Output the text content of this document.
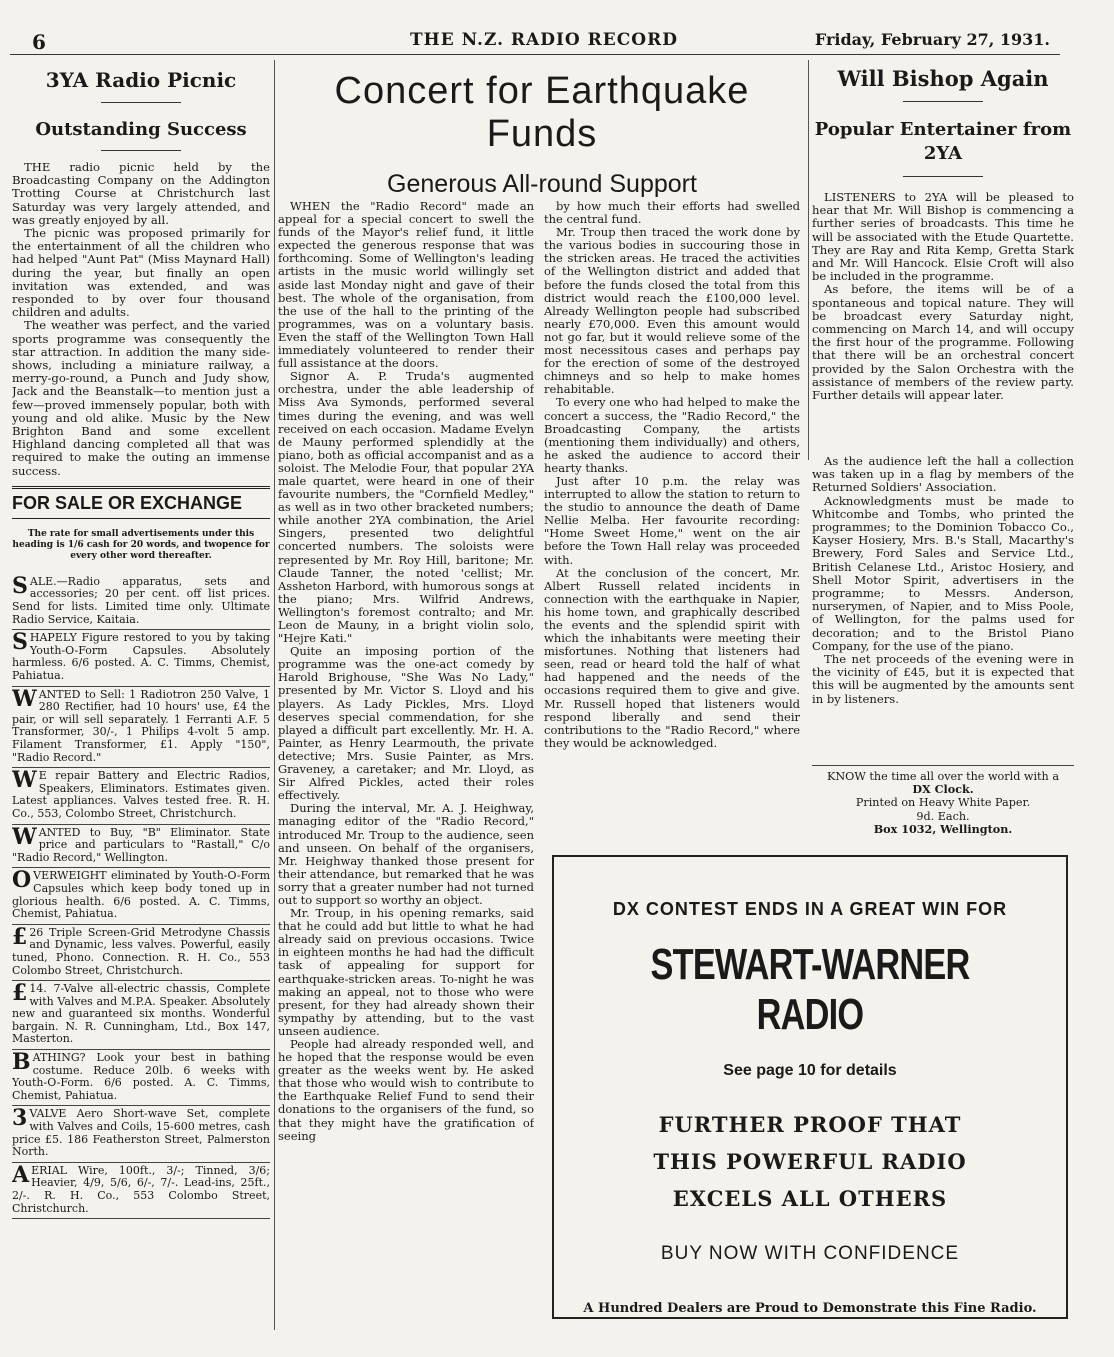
6	THE N.Z. RADIO RECORD	Friday, February 27, 1931.
3YA Radio Picnic
Outstanding Success

THE radio picnic held by the Broadcasting Company on the Addington Trotting Course at Christchurch last Saturday was very largely attended, and was greatly enjoyed by all.

The picnic was proposed primarily for the entertainment of all the children who had helped "Aunt Pat" (Miss Maynard Hall) during the year, but finally an open invitation was extended, and was responded to by over four thousand children and adults.

The weather was perfect, and the varied sports programme was consequently the star attraction. In addition the many side-shows, including a miniature railway, a merry-go-round, a Punch and Judy show, Jack and the Beanstalk—to mention just a few—proved immensely popular, both with young and old alike. Music by the New Brighton Band and some excellent Highland dancing completed all that was required to make the outing an immense success.

FOR SALE OR EXCHANGE
The rate for small advertisements under this heading is 1/6 cash for 20 words, and twopence for every other word thereafter.
SALE.—Radio apparatus, sets and accessories; 20 per cent. off list prices. Send for lists. Limited time only. Ultimate Radio Service, Kaitaia.
SHAPELY Figure restored to you by taking Youth-O-Form Capsules. Absolutely harmless. 6/6 posted. A. C. Timms, Chemist, Pahiatua.
WANTED to Sell: 1 Radiotron 250 Valve, 1 280 Rectifier, had 10 hours' use, £4 the pair, or will sell separately. 1 Ferranti A.F. 5 Transformer, 30/-, 1 Philips 4-volt 5 amp. Filament Transformer, £1. Apply "150", "Radio Record."
WE repair Battery and Electric Radios, Speakers, Eliminators. Estimates given. Latest appliances. Valves tested free. R. H. Co., 553, Colombo Street, Christchurch.
WANTED to Buy, "B" Eliminator. State price and particulars to "Rastall," C/o "Radio Record," Wellington.
OVERWEIGHT eliminated by Youth-O-Form Capsules which keep body toned up in glorious health. 6/6 posted. A. C. Timms, Chemist, Pahiatua.
£26 Triple Screen-Grid Metrodyne Chassis and Dynamic, less valves. Powerful, easily tuned, Phono. Connection. R. H. Co., 553 Colombo Street, Christchurch.
£14. 7-Valve all-electric chassis, Complete with Valves and M.P.A. Speaker. Absolutely new and guaranteed six months. Wonderful bargain. N. R. Cunningham, Ltd., Box 147, Masterton.
BATHING? Look your best in bathing costume. Reduce 20lb. 6 weeks with Youth-O-Form. 6/6 posted. A. C. Timms, Chemist, Pahiatua.
3VALVE Aero Short-wave Set, complete with Valves and Coils, 15-600 metres, cash price £5. 186 Featherston Street, Palmerston North.
AERIAL Wire, 100ft., 3/-; Tinned, 3/6; Heavier, 4/9, 5/6, 6/-, 7/-. Lead-ins, 25ft., 2/-. R. H. Co., 553 Colombo Street, Christchurch.
Concert for Earthquake Funds
Generous All-round Support

WHEN the "Radio Record" made an appeal for a special concert to swell the funds of the Mayor's relief fund, it little expected the generous response that was forthcoming. Some of Wellington's leading artists in the music world willingly set aside last Monday night and gave of their best. The whole of the organisation, from the use of the hall to the printing of the programmes, was on a voluntary basis. Even the staff of the Wellington Town Hall immediately volunteered to render their full assistance at the doors.

Signor A. P. Truda's augmented orchestra, under the able leadership of Miss Ava Symonds, performed several times during the evening, and was well received on each occasion. Madame Evelyn de Mauny performed splendidly at the piano, both as official accompanist and as a soloist. The Melodie Four, that popular 2YA male quartet, were heard in one of their favourite numbers, the "Cornfield Medley," as well as in two other bracketed numbers; while another 2YA combination, the Ariel Singers, presented two delightful concerted numbers. The soloists were represented by Mr. Roy Hill, baritone; Mr. Claude Tanner, the noted 'cellist; Mr. Assheton Harbord, with humorous songs at the piano; Mrs. Wilfrid Andrews, Wellington's foremost contralto; and Mr. Leon de Mauny, in a bright violin solo, "Hejre Kati."

Quite an imposing portion of the programme was the one-act comedy by Harold Brighouse, "She Was No Lady," presented by Mr. Victor S. Lloyd and his players. As Lady Pickles, Mrs. Lloyd deserves special commendation, for she played a difficult part excellently. Mr. H. A. Painter, as Henry Learmouth, the private detective; Mrs. Susie Painter, as Mrs. Graveney, a caretaker; and Mr. Lloyd, as Sir Alfred Pickles, acted their roles effectively.

During the interval, Mr. A. J. Heighway, managing editor of the "Radio Record," introduced Mr. Troup to the audience, seen and unseen. On behalf of the organisers, Mr. Heighway thanked those present for their attendance, but remarked that he was sorry that a greater number had not turned out to support so worthy an object.

Mr. Troup, in his opening remarks, said that he could add but little to what he had already said on previous occasions. Twice in eighteen months he had had the difficult task of appealing for support for earthquake-stricken areas. To-night he was making an appeal, not to those who were present, for they had already shown their sympathy by attending, but to the vast unseen audience.

People had already responded well, and he hoped that the response would be even greater as the weeks went by. He asked that those who would wish to contribute to the Earthquake Relief Fund to send their donations to the organisers of the fund, so that they might have the gratification of seeing

by how much their efforts had swelled the central fund.

Mr. Troup then traced the work done by the various bodies in succouring those in the stricken areas. He traced the activities of the Wellington district and added that before the funds closed the total from this district would reach the £100,000 level. Already Wellington people had subscribed nearly £70,000. Even this amount would not go far, but it would relieve some of the most necessitous cases and perhaps pay for the erection of some of the destroyed chimneys and so help to make homes rehabitable.

To every one who had helped to make the concert a success, the "Radio Record," the Broadcasting Company, the artists (mentioning them individually) and others, he asked the audience to accord their hearty thanks.

Just after 10 p.m. the relay was interrupted to allow the station to return to the studio to announce the death of Dame Nellie Melba. Her favourite recording: "Home Sweet Home," went on the air before the Town Hall relay was proceeded with.

At the conclusion of the concert, Mr. Albert Russell related incidents in connection with the earthquake in Napier, his home town, and graphically described the events and the splendid spirit with which the inhabitants were meeting their misfortunes. Nothing that listeners had seen, read or heard told the half of what had happened and the needs of the occasions required them to give and give. Mr. Russell hoped that listeners would respond liberally and send their contributions to the "Radio Record," where they would be acknowledged.

Will Bishop Again
Popular Entertainer from 2YA

LISTENERS to 2YA will be pleased to hear that Mr. Will Bishop is commencing a further series of broadcasts. This time he will be associated with the Etude Quartette. They are Ray and Rita Kemp, Gretta Stark and Mr. Will Hancock. Elsie Croft will also be included in the programme.

As before, the items will be of a spontaneous and topical nature. They will be broadcast every Saturday night, commencing on March 14, and will occupy the first hour of the programme. Following that there will be an orchestral concert provided by the Salon Orchestra with the assistance of members of the review party. Further details will appear later.

As the audience left the hall a collection was taken up in a flag by members of the Returned Soldiers' Association.

Acknowledgments must be made to Whitcombe and Tombs, who printed the programmes; to the Dominion Tobacco Co., Kayser Hosiery, Mrs. B.'s Stall, Macarthy's Brewery, Ford Sales and Service Ltd., British Celanese Ltd., Aristoc Hosiery, and Shell Motor Spirit, advertisers in the programme; to Messrs. Anderson, nurserymen, of Napier, and to Miss Poole, of Wellington, for the palms used for decoration; and to the Bristol Piano Company, for the use of the piano.

The net proceeds of the evening were in the vicinity of £45, but it is expected that this will be augmented by the amounts sent in by listeners.

KNOW the time all over the world with a
DX Clock.
Printed on Heavy White Paper.
9d. Each.
Box 1032, Wellington.
DX CONTEST ENDS IN A GREAT WIN FOR
STEWART-WARNER RADIO
See page 10 for details
FURTHER PROOF THAT
THIS POWERFUL RADIO
EXCELS ALL OTHERS
BUY NOW WITH CONFIDENCE
A Hundred Dealers are Proud to Demonstrate this Fine Radio.
